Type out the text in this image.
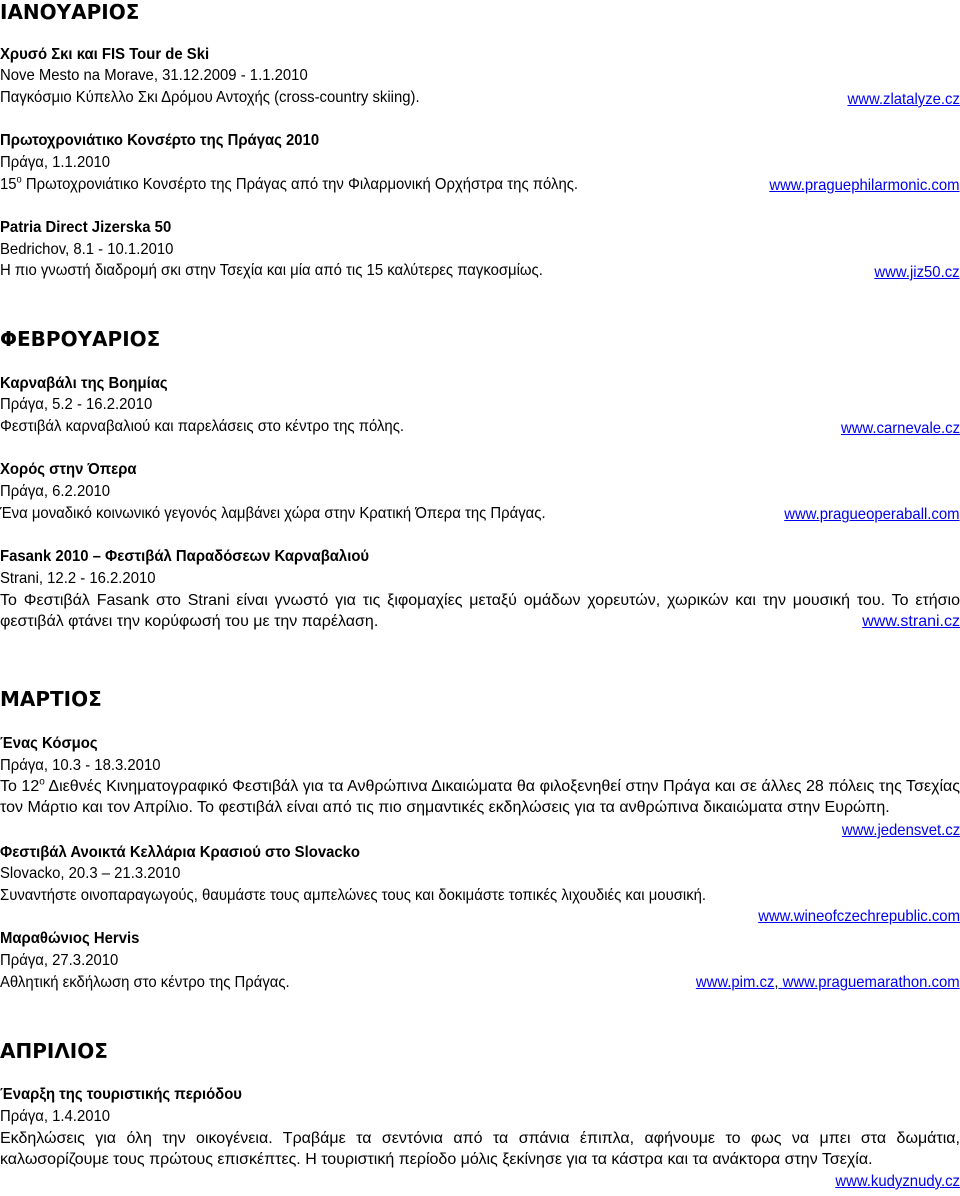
ΙΑΝΟΥΑΡΙΟΣ
Χρυσό Σκι και FIS Tour de Ski
Nove Mesto na Morave, 31.12.2009 - 1.1.2010
Παγκόσμιο Κύπελλο Σκι Δρόμου Αντοχής (cross-country skiing).	www.zlatalyze.cz
Πρωτοχρονιάτικο Κονσέρτο της Πράγας 2010
Πράγα, 1.1.2010
$15^o$ Πρωτοχρονιάτικο Κονσέρτο της Πράγας από την Φιλαρμονική Ορχήστρα της πόλης.	www.praguephilarmonic.com
Patria Direct Jizerska 50
Bedrichov, 8.1 - 10.1.2010
Η πιο γνωστή διαδρομή σκι στην Τσεχία και μία από τις 15 καλύτερες παγκοσμίως.	www.jiz50.cz
ΦΕΒΡΟΥΑΡΙΟΣ
Καρναβάλι της Βοημίας
Πράγα, 5.2 - 16.2.2010
Φεστιβάλ καρναβαλιού και παρελάσεις στο κέντρο της πόλης.	www.carnevale.cz
Χορός στην Όπερα
Πράγα, 6.2.2010
Ένα μοναδικό κοινωνικό γεγονός λαμβάνει χώρα στην Κρατική Όπερα της Πράγας.	www.pragueoperaball.com
Fasank 2010 – Φεστιβάλ Παραδόσεων Καρναβαλιού
Strani, 12.2 - 16.2.2010
Το Φεστιβάλ Fasank στο Strani είναι γνωστό για τις ξιφομαχίες μεταξύ ομάδων χορευτών, χωρικών και την μουσική του. Το ετήσιο φεστιβάλ φτάνει την κορύφωσή του με την παρέλαση.	www.strani.cz
ΜΑΡΤΙΟΣ
Ένας Κόσμος
Πράγα, 10.3 - 18.3.2010
Το $12^o$ Διεθνές Κινηματογραφικό Φεστιβάλ για τα Ανθρώπινα Δικαιώματα θα φιλοξενηθεί στην Πράγα και σε άλλες 28 πόλεις της Τσεχίας τον Μάρτιο και τον Απρίλιο. Το φεστιβάλ είναι από τις πιο σημαντικές εκδηλώσεις για τα ανθρώπινα δικαιώματα στην Ευρώπη.
www.jedensvet.cz
Φεστιβάλ Ανοικτά Κελλάρια Κρασιού στο Slovacko
Slovacko, 20.3 – 21.3.2010
Συναντήστε οινοπαραγωγούς, θαυμάστε τους αμπελώνες τους και δοκιμάστε τοπικές λιχουδιές και μουσική.
www.wineofczechrepublic.com
Μαραθώνιος Hervis
Πράγα, 27.3.2010
Αθλητική εκδήλωση στο κέντρο της Πράγας.	www.pim.cz, www.praguemarathon.com
ΑΠΡΙΛΙΟΣ
Έναρξη της τουριστικής περιόδου
Πράγα, 1.4.2010
Εκδηλώσεις για όλη την οικογένεια. Τραβάμε τα σεντόνια από τα σπάνια έπιπλα, αφήνουμε το φως να μπει στα δωμάτια, καλωσορίζουμε τους πρώτους επισκέπτες. Η τουριστική περίοδο μόλις ξεκίνησε για τα κάστρα και τα ανάκτορα στην Τσεχία.
www.kudyznudy.cz
